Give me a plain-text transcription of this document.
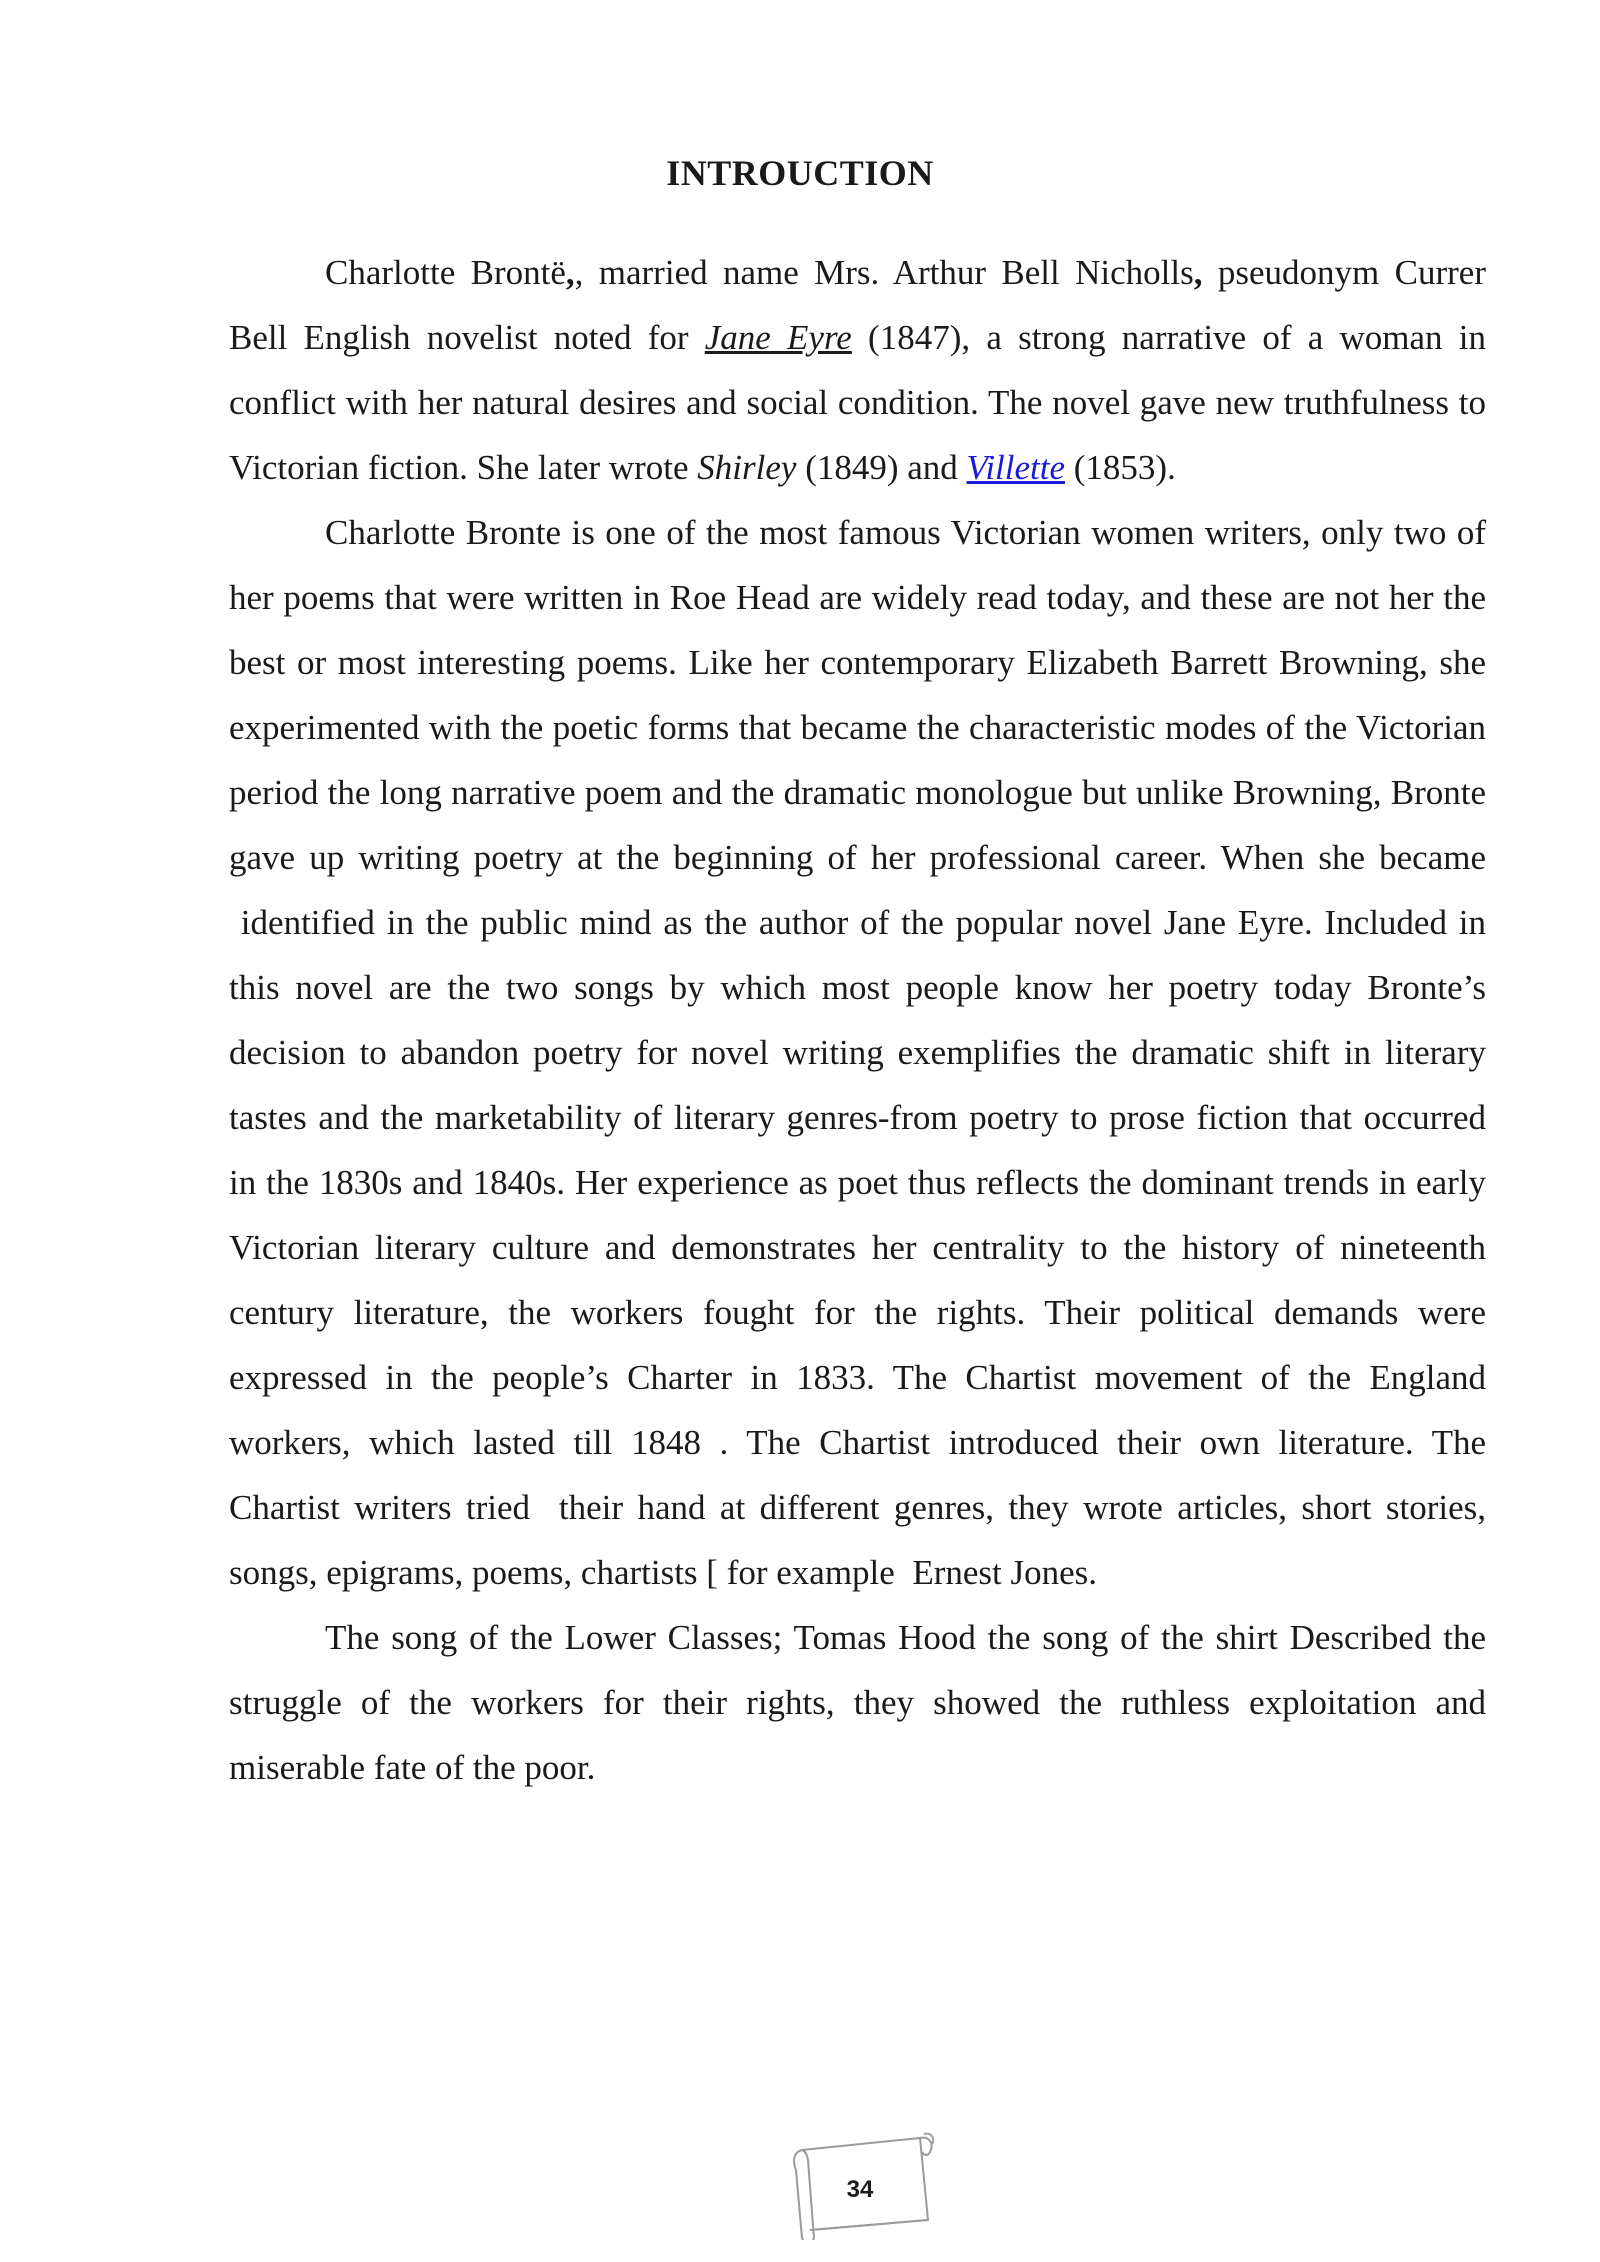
INTROUCTION

Charlotte Brontë,, married name Mrs. Arthur Bell Nicholls, pseudonym Currer Bell English novelist noted for Jane Eyre (1847), a strong narrative of a woman in conflict with her natural desires and social condition. The novel gave new truthfulness to Victorian fiction. She later wrote Shirley (1849) and Villette (1853).

Charlotte Bronte is one of the most famous Victorian women writers, only two of her poems that were written in Roe Head are widely read today, and these are not her the best or most interesting poems. Like her contemporary Elizabeth Barrett Browning, she experimented with the poetic forms that became the characteristic modes of the Victorian period the long narrative poem and the dramatic monologue but unlike Browning, Bronte gave up writing poetry at the beginning of her professional career. When she became  identified in the public mind as the author of the popular novel Jane Eyre. Included in this novel are the two songs by which most people know her poetry today Bronte’s decision to abandon poetry for novel writing exemplifies the dramatic shift in literary tastes and the marketability of literary genres-from poetry to prose fiction that occurred in the 1830s and 1840s. Her experience as poet thus reflects the dominant trends in early Victorian literary culture and demonstrates her centrality to the history of nineteenth century literature, the workers fought for the rights. Their political demands were expressed in the people’s Charter in 1833. The Chartist movement of the England workers, which lasted till 1848 . The Chartist introduced their own literature. The Chartist writers tried  their hand at different genres, they wrote articles, short stories, songs, epigrams, poems, chartists [ for example  Ernest Jones.

The song of the Lower Classes; Tomas Hood the song of the shirt Described the struggle of the workers for their rights, they showed the ruthless exploitation and miserable fate of the poor.

34
